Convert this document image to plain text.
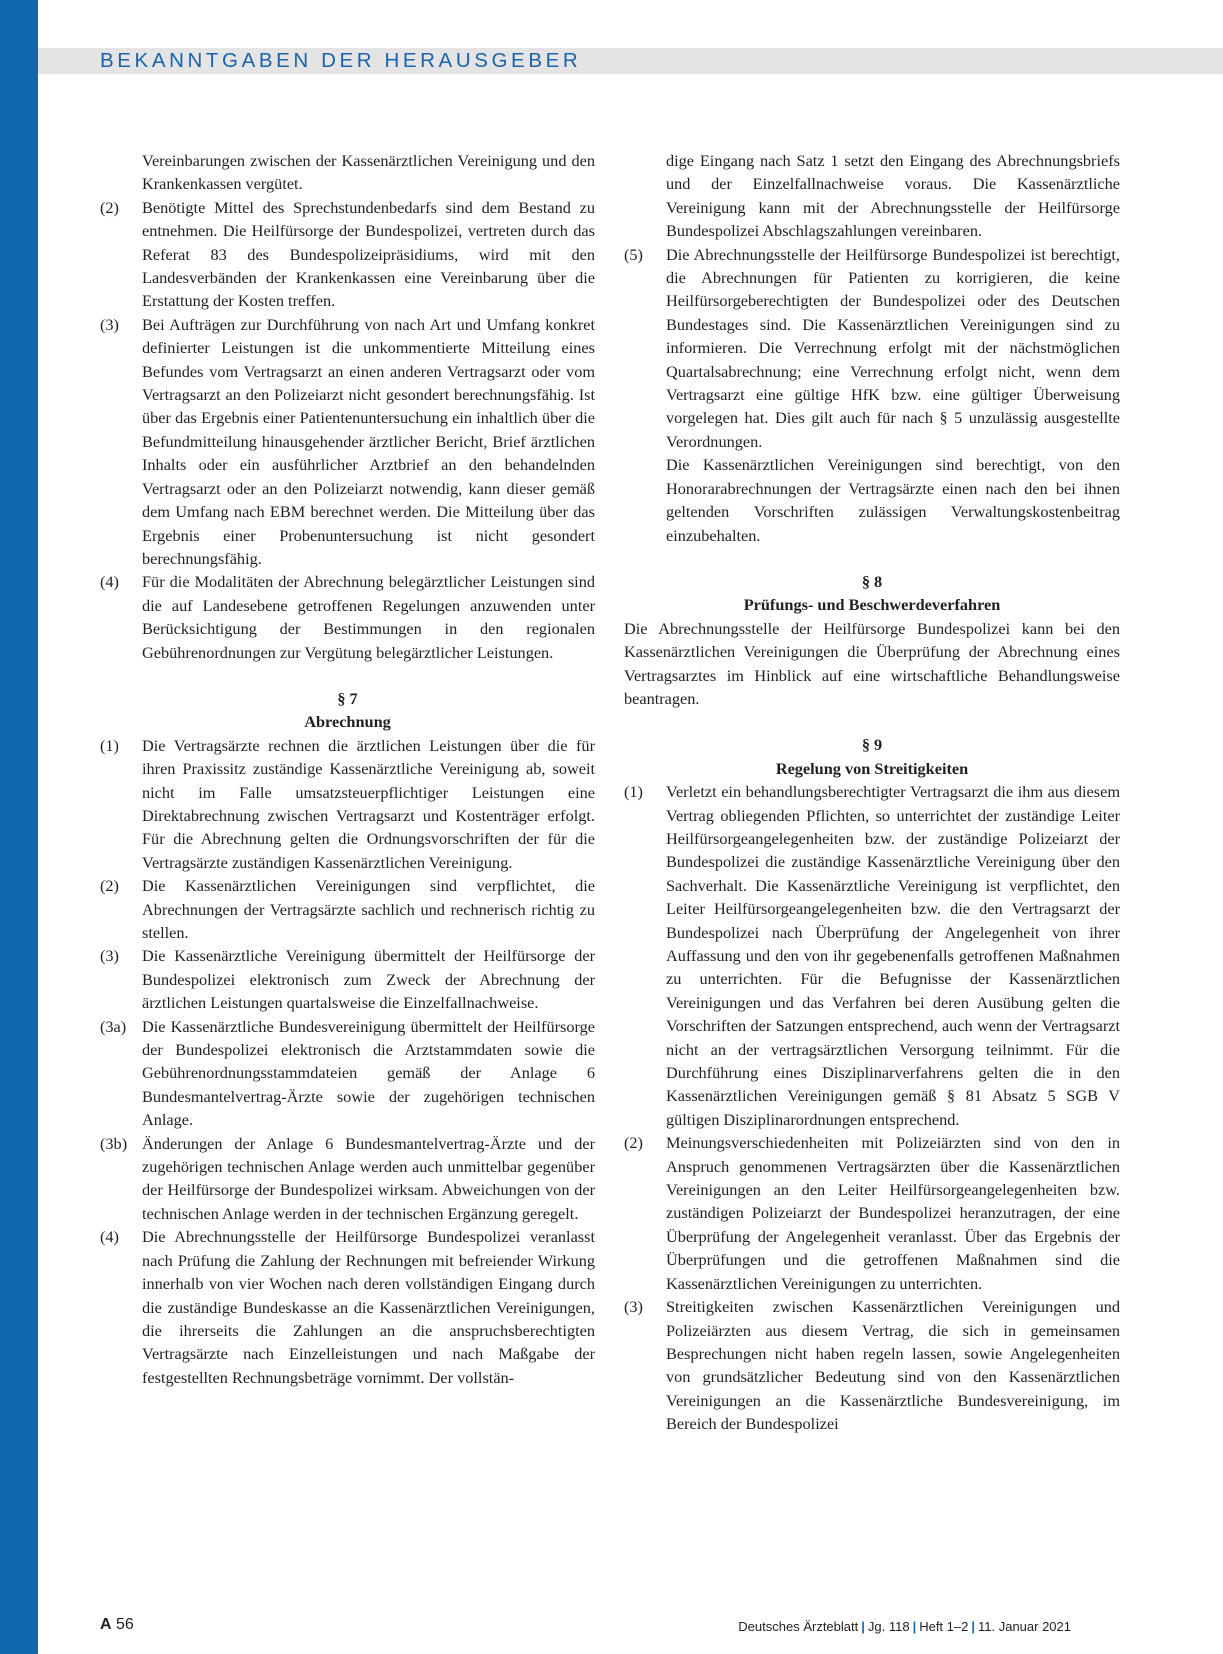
BEKANNTGABEN DER HERAUSGEBER

Vereinbarungen zwischen der Kassenärztlichen Vereinigung und den Krankenkassen vergütet.

(2)	Benötigte Mittel des Sprechstundenbedarfs sind dem Bestand zu entnehmen. Die Heilfürsorge der Bundespolizei, vertreten durch das Referat 83 des Bundespolizeipräsidiums, wird mit den Landesverbänden der Krankenkassen eine Vereinbarung über die Erstattung der Kosten treffen.
(3)	Bei Aufträgen zur Durchführung von nach Art und Umfang konkret definierter Leistungen ist die unkommentierte Mitteilung eines Befundes vom Vertragsarzt an einen anderen Vertragsarzt oder vom Vertragsarzt an den Polizeiarzt nicht gesondert berechnungsfähig. Ist über das Ergebnis einer Patientenuntersuchung ein inhaltlich über die Befundmitteilung hinausgehender ärztlicher Bericht, Brief ärztlichen Inhalts oder ein ausführlicher Arztbrief an den behandelnden Vertragsarzt oder an den Polizeiarzt notwendig, kann dieser gemäß dem Umfang nach EBM berechnet werden. Die Mitteilung über das Ergebnis einer Probenuntersuchung ist nicht gesondert berechnungsfähig.
(4)	Für die Modalitäten der Abrechnung belegärztlicher Leistungen sind die auf Landesebene getroffenen Regelungen anzuwenden unter Berücksichtigung der Bestimmungen in den regionalen Gebührenordnungen zur Vergütung belegärztlicher Leistungen.
§ 7
Abrechnung
(1)	Die Vertragsärzte rechnen die ärztlichen Leistungen über die für ihren Praxissitz zuständige Kassenärztliche Vereinigung ab, soweit nicht im Falle umsatzsteuerpflichtiger Leistungen eine Direktabrechnung zwischen Vertragsarzt und Kostenträger erfolgt. Für die Abrechnung gelten die Ordnungsvorschriften der für die Vertragsärzte zuständigen Kassenärztlichen Vereinigung.
(2)	Die Kassenärztlichen Vereinigungen sind verpflichtet, die Abrechnungen der Vertragsärzte sachlich und rechnerisch richtig zu stellen.
(3)	Die Kassenärztliche Vereinigung übermittelt der Heilfürsorge der Bundespolizei elektronisch zum Zweck der Abrechnung der ärztlichen Leistungen quartalsweise die Einzelfallnachweise.
(3a) Die Kassenärztliche Bundesvereinigung übermittelt der Heilfürsorge der Bundespolizei elektronisch die Arztstammdaten sowie die Gebührenordnungsstammdateien gemäß der Anlage 6 Bundesmantelvertrag-Ärzte sowie der zugehörigen technischen Anlage.
(3b) Änderungen der Anlage 6 Bundesmantelvertrag-Ärzte und der zugehörigen technischen Anlage werden auch unmittelbar gegenüber der Heilfürsorge der Bundespolizei wirksam. Abweichungen von der technischen Anlage werden in der technischen Ergänzung geregelt.
(4)	Die Abrechnungsstelle der Heilfürsorge Bundespolizei veranlasst nach Prüfung die Zahlung der Rechnungen mit befreiender Wirkung innerhalb von vier Wochen nach deren vollständigen Eingang durch die zuständige Bundeskasse an die Kassenärztlichen Vereinigungen, die ihrerseits die Zahlungen an die anspruchsberechtigten Vertragsärzte nach Einzelleistungen und nach Maßgabe der festgestellten Rechnungsbeträge vornimmt. Der vollstän-

dige Eingang nach Satz 1 setzt den Eingang des Abrechnungsbriefs und der Einzelfallnachweise voraus. Die Kassenärztliche Vereinigung kann mit der Abrechnungsstelle der Heilfürsorge Bundespolizei Abschlagszahlungen vereinbaren.

(5)	Die Abrechnungsstelle der Heilfürsorge Bundespolizei ist berechtigt, die Abrechnungen für Patienten zu korrigieren, die keine Heilfürsorgeberechtigten der Bundespolizei oder des Deutschen Bundestages sind. Die Kassenärztlichen Vereinigungen sind zu informieren. Die Verrechnung erfolgt mit der nächstmöglichen Quartalsabrechnung; eine Verrechnung erfolgt nicht, wenn dem Vertragsarzt eine gültige HfK bzw. eine gültiger Überweisung vorgelegen hat. Dies gilt auch für nach § 5 unzulässig ausgestellte Verordnungen.

Die Kassenärztlichen Vereinigungen sind berechtigt, von den Honorarabrechnungen der Vertragsärzte einen nach den bei ihnen geltenden Vorschriften zulässigen Verwaltungskostenbeitrag einzubehalten.

§ 8
Prüfungs- und Beschwerdeverfahren

Die Abrechnungsstelle der Heilfürsorge Bundespolizei kann bei den Kassenärztlichen Vereinigungen die Überprüfung der Abrechnung eines Vertragsarztes im Hinblick auf eine wirtschaftliche Behandlungsweise beantragen.

§ 9
Regelung von Streitigkeiten
(1)	Verletzt ein behandlungsberechtigter Vertragsarzt die ihm aus diesem Vertrag obliegenden Pflichten, so unterrichtet der zuständige Leiter Heilfürsorgeangelegenheiten bzw. der zuständige Polizeiarzt der Bundespolizei die zuständige Kassenärztliche Vereinigung über den Sachverhalt. Die Kassenärztliche Vereinigung ist verpflichtet, den Leiter Heilfürsorgeangelegenheiten bzw. die den Vertragsarzt der Bundespolizei nach Überprüfung der Angelegenheit von ihrer Auffassung und den von ihr gegebenenfalls getroffenen Maßnahmen zu unterrichten. Für die Befugnisse der Kassenärztlichen Vereinigungen und das Verfahren bei deren Ausübung gelten die Vorschriften der Satzungen entsprechend, auch wenn der Vertragsarzt nicht an der vertragsärztlichen Versorgung teilnimmt. Für die Durchführung eines Disziplinarverfahrens gelten die in den Kassenärztlichen Vereinigungen gemäß § 81 Absatz 5 SGB V gültigen Disziplinarordnungen entsprechend.
(2)	Meinungsverschiedenheiten mit Polizeiärzten sind von den in Anspruch genommenen Vertragsärzten über die Kassenärztlichen Vereinigungen an den Leiter Heilfürsorgeangelegenheiten bzw. zuständigen Polizeiarzt der Bundespolizei heranzutragen, der eine Überprüfung der Angelegenheit veranlasst. Über das Ergebnis der Überprüfungen und die getroffenen Maßnahmen sind die Kassenärztlichen Vereinigungen zu unterrichten.
(3)	Streitigkeiten zwischen Kassenärztlichen Vereinigungen und Polizeiärzten aus diesem Vertrag, die sich in gemeinsamen Besprechungen nicht haben regeln lassen, sowie Angelegenheiten von grundsätzlicher Bedeutung sind von den Kassenärztlichen Vereinigungen an die Kassenärztliche Bundesvereinigung, im Bereich der Bundespolizei
A 56	Deutsches Ärzteblatt | Jg. 118 | Heft 1–2 | 11. Januar 2021
